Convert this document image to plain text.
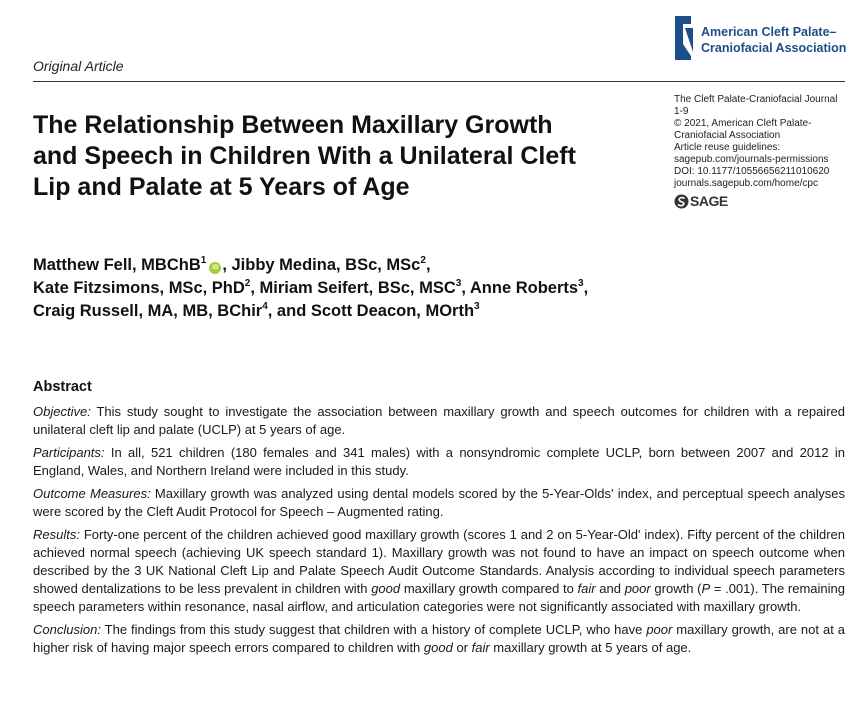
Original Article
American Cleft Palate–
Craniofacial Association
The Cleft Palate-Craniofacial Journal
1-9
© 2021, American Cleft Palate-
Craniofacial Association
Article reuse guidelines:
sagepub.com/journals-permissions
DOI: 10.1177/10556656211010620
journals.sagepub.com/home/cpc
SAGE
The Relationship Between Maxillary Growth
and Speech in Children With a Unilateral Cleft
Lip and Palate at 5 Years of Age
Matthew Fell, MBChB$^1$iD , Jibby Medina, BSc, MSc$^2$,
Kate Fitzsimons, MSc, PhD$^2$, Miriam Seifert, BSc, MSC$^3$, Anne Roberts$^3$,
Craig Russell, MA, MB, BChir$^4$, and Scott Deacon, MOrth$^3$
Abstract

Objective: This study sought to investigate the association between maxillary growth and speech outcomes for children with a repaired unilateral cleft lip and palate (UCLP) at 5 years of age.

Participants: In all, 521 children (180 females and 341 males) with a nonsyndromic complete UCLP, born between 2007 and 2012 in England, Wales, and Northern Ireland were included in this study.

Outcome Measures: Maxillary growth was analyzed using dental models scored by the 5-Year-Olds' index, and perceptual speech analyses were scored by the Cleft Audit Protocol for Speech – Augmented rating.

Results: Forty-one percent of the children achieved good maxillary growth (scores 1 and 2 on 5-Year-Old' index). Fifty percent of the children achieved normal speech (achieving UK speech standard 1). Maxillary growth was not found to have an impact on speech outcome when described by the 3 UK National Cleft Lip and Palate Speech Audit Outcome Standards. Analysis according to individual speech parameters showed dentalizations to be less prevalent in children with good maxillary growth compared to fair and poor growth (P = .001). The remaining speech parameters within resonance, nasal airflow, and articulation categories were not significantly associated with maxillary growth.

Conclusion: The findings from this study suggest that children with a history of complete UCLP, who have poor maxillary growth, are not at a higher risk of having major speech errors compared to children with good or fair maxillary growth at 5 years of age.
